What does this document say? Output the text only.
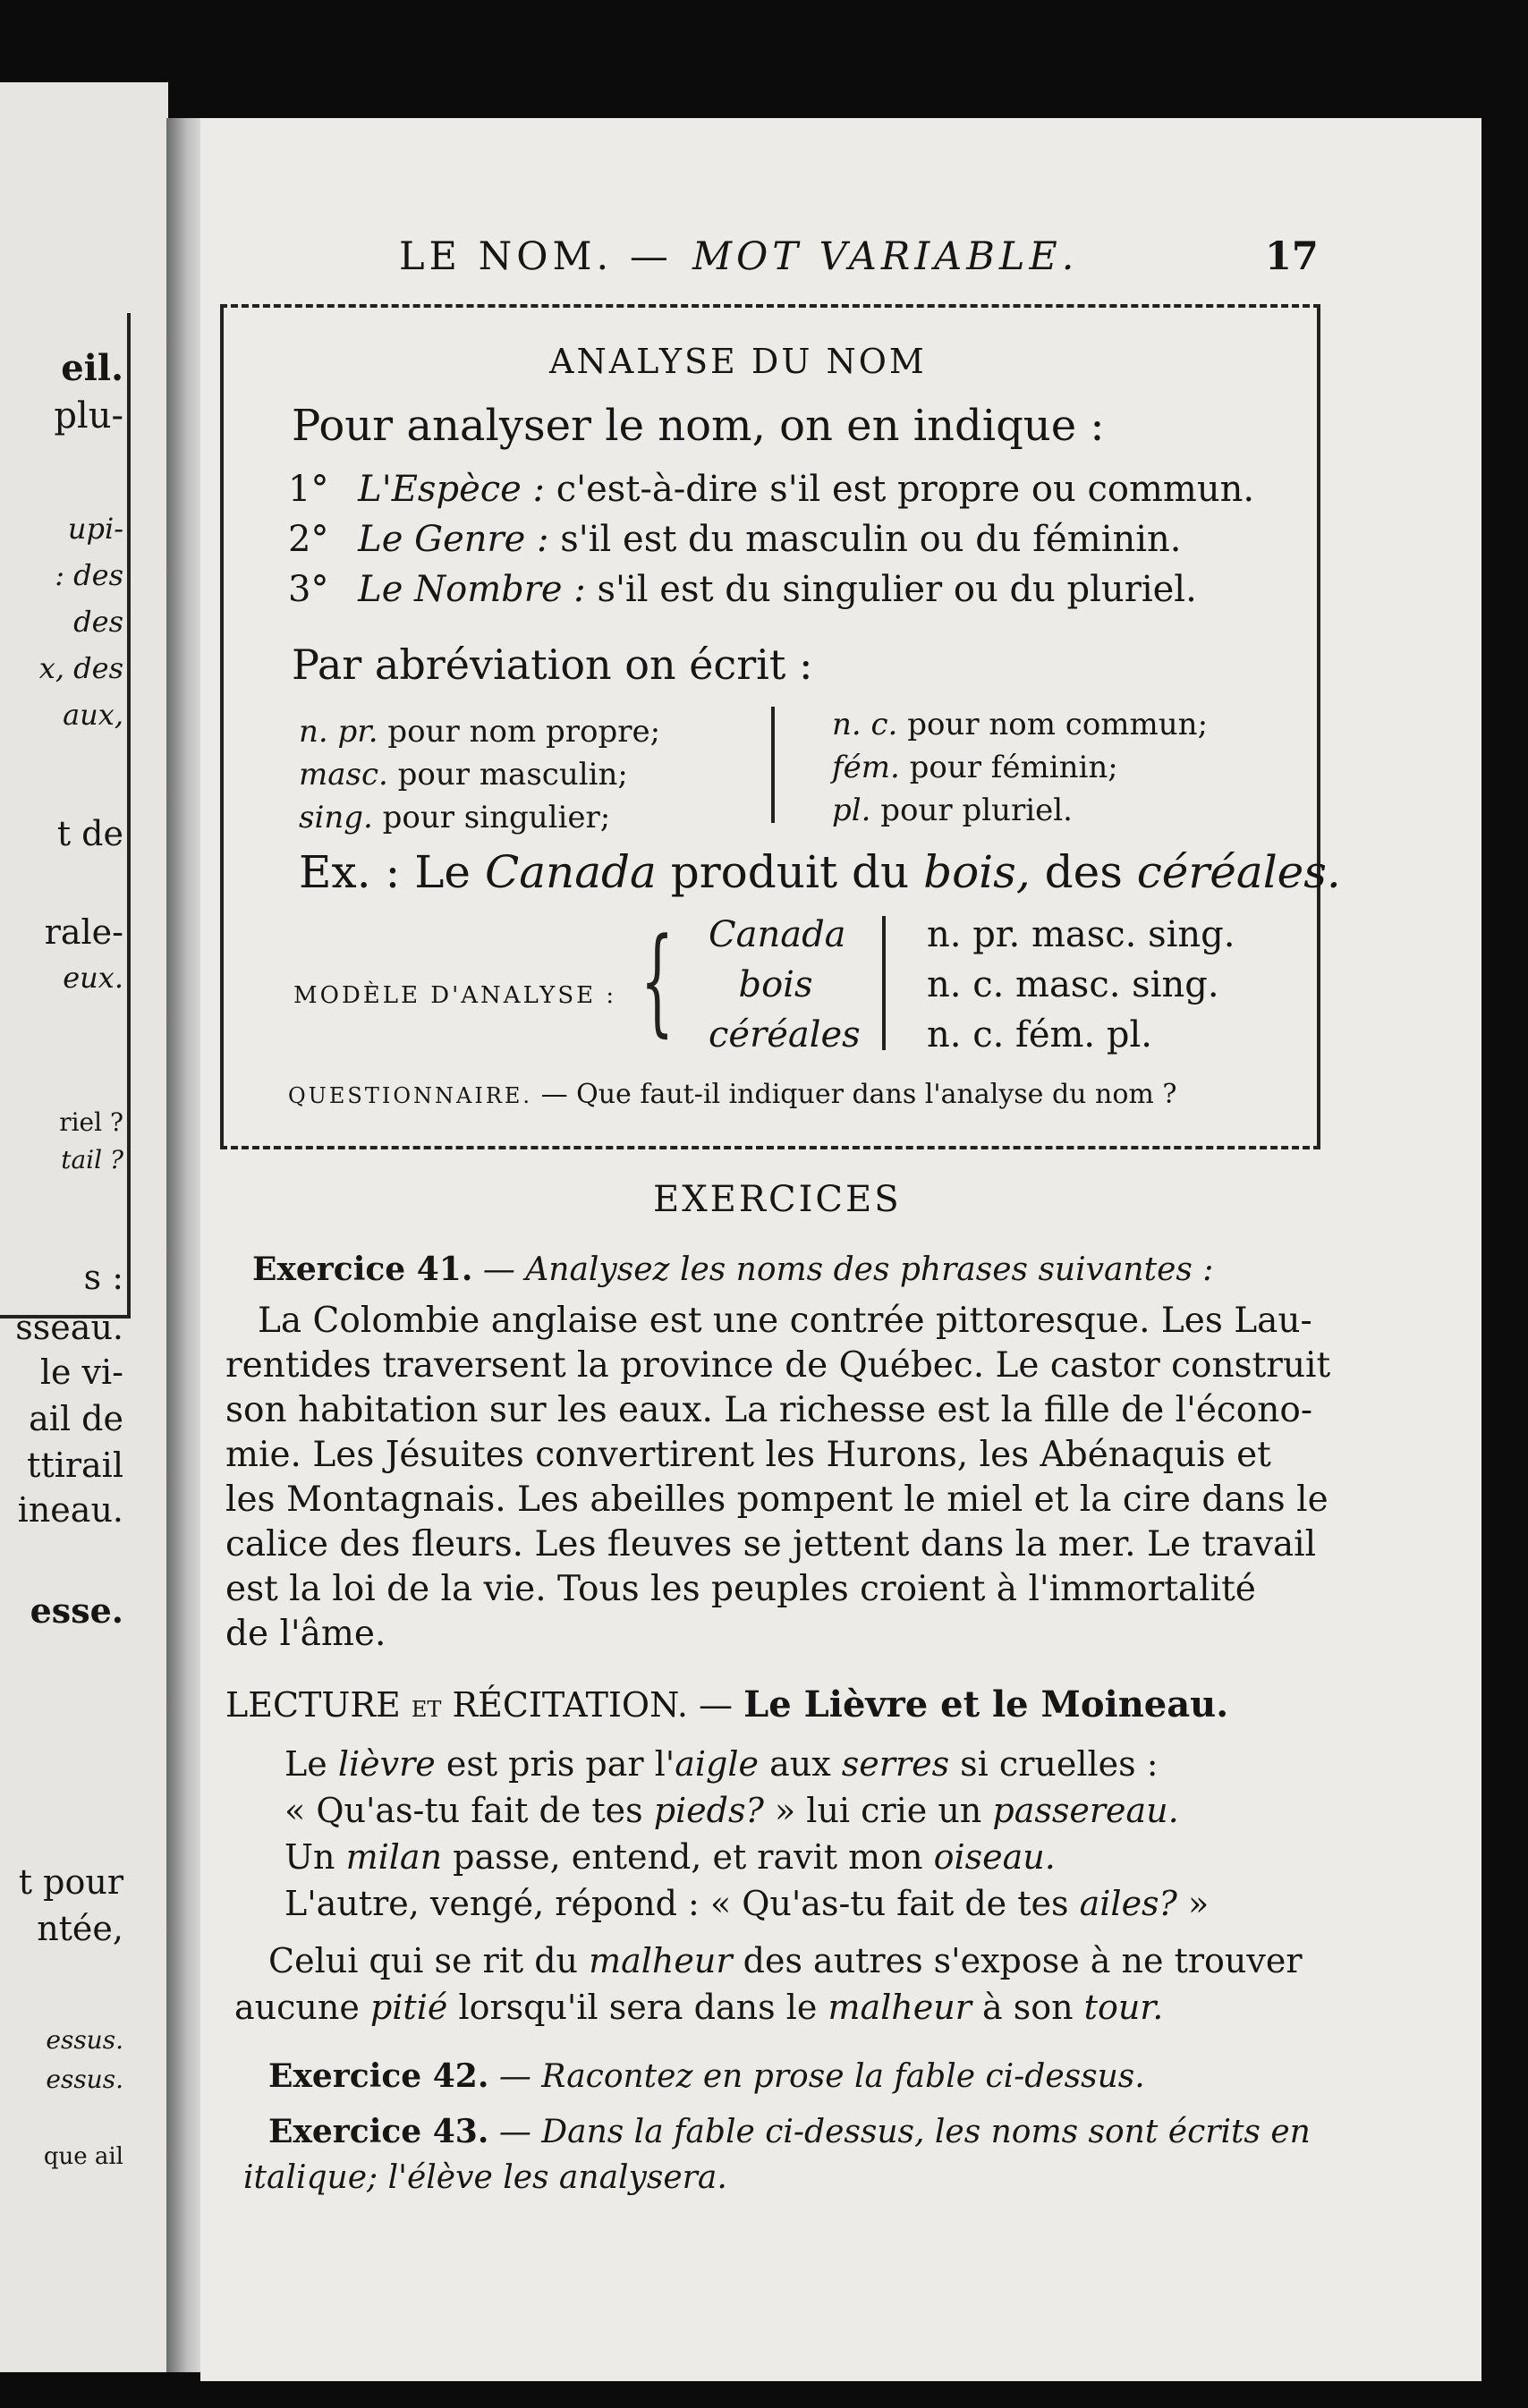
eil.
plu-
upi-
: des
des
x, des
aux,
t de
rale-
eux.
riel ?
tail ?
s :
sseau.
le vi-
ail de
ttirail
ineau.
esse.
t pour
ntée,
essus.
essus.
que ail
LE NOM. — MOT VARIABLE.	17
ANALYSE DU NOM
Pour analyser le nom, on en indique :
1° L'Espèce : c'est-à-dire s'il est propre ou commun.
2° Le Genre : s'il est du masculin ou du féminin.
3° Le Nombre : s'il est du singulier ou du pluriel.
Par abréviation on écrit :
n. pr. pour nom propre;
masc. pour masculin;
sing. pour singulier;
n. c. pour nom commun;
fém. pour féminin;
pl. pour pluriel.
Ex. : Le Canada produit du bois, des céréales.
MODÈLE D'ANALYSE : { Canada
bois
céréales
n. pr. masc. sing.
n. c. masc. sing.
n. c. fém. pl.
QUESTIONNAIRE. — Que faut-il indiquer dans l'analyse du nom ?
EXERCICES
Exercice 41. — Analysez les noms des phrases suivantes :
La Colombie anglaise est une contrée pittoresque. Les Lau-
rentides traversent la province de Québec. Le castor construit
son habitation sur les eaux. La richesse est la fille de l'écono-
mie. Les Jésuites convertirent les Hurons, les Abénaquis et
les Montagnais. Les abeilles pompent le miel et la cire dans le
calice des fleurs. Les fleuves se jettent dans la mer. Le travail
est la loi de la vie. Tous les peuples croient à l'immortalité
de l'âme.
LECTURE ET RÉCITATION. — Le Lièvre et le Moineau.
Le lièvre est pris par l'aigle aux serres si cruelles :
« Qu'as-tu fait de tes pieds? » lui crie un passereau.
Un milan passe, entend, et ravit mon oiseau.
L'autre, vengé, répond : « Qu'as-tu fait de tes ailes? »
Celui qui se rit du malheur des autres s'expose à ne trouver
aucune pitié lorsqu'il sera dans le malheur à son tour.
Exercice 42. — Racontez en prose la fable ci-dessus.
Exercice 43. — Dans la fable ci-dessus, les noms sont écrits en
italique; l'élève les analysera.
